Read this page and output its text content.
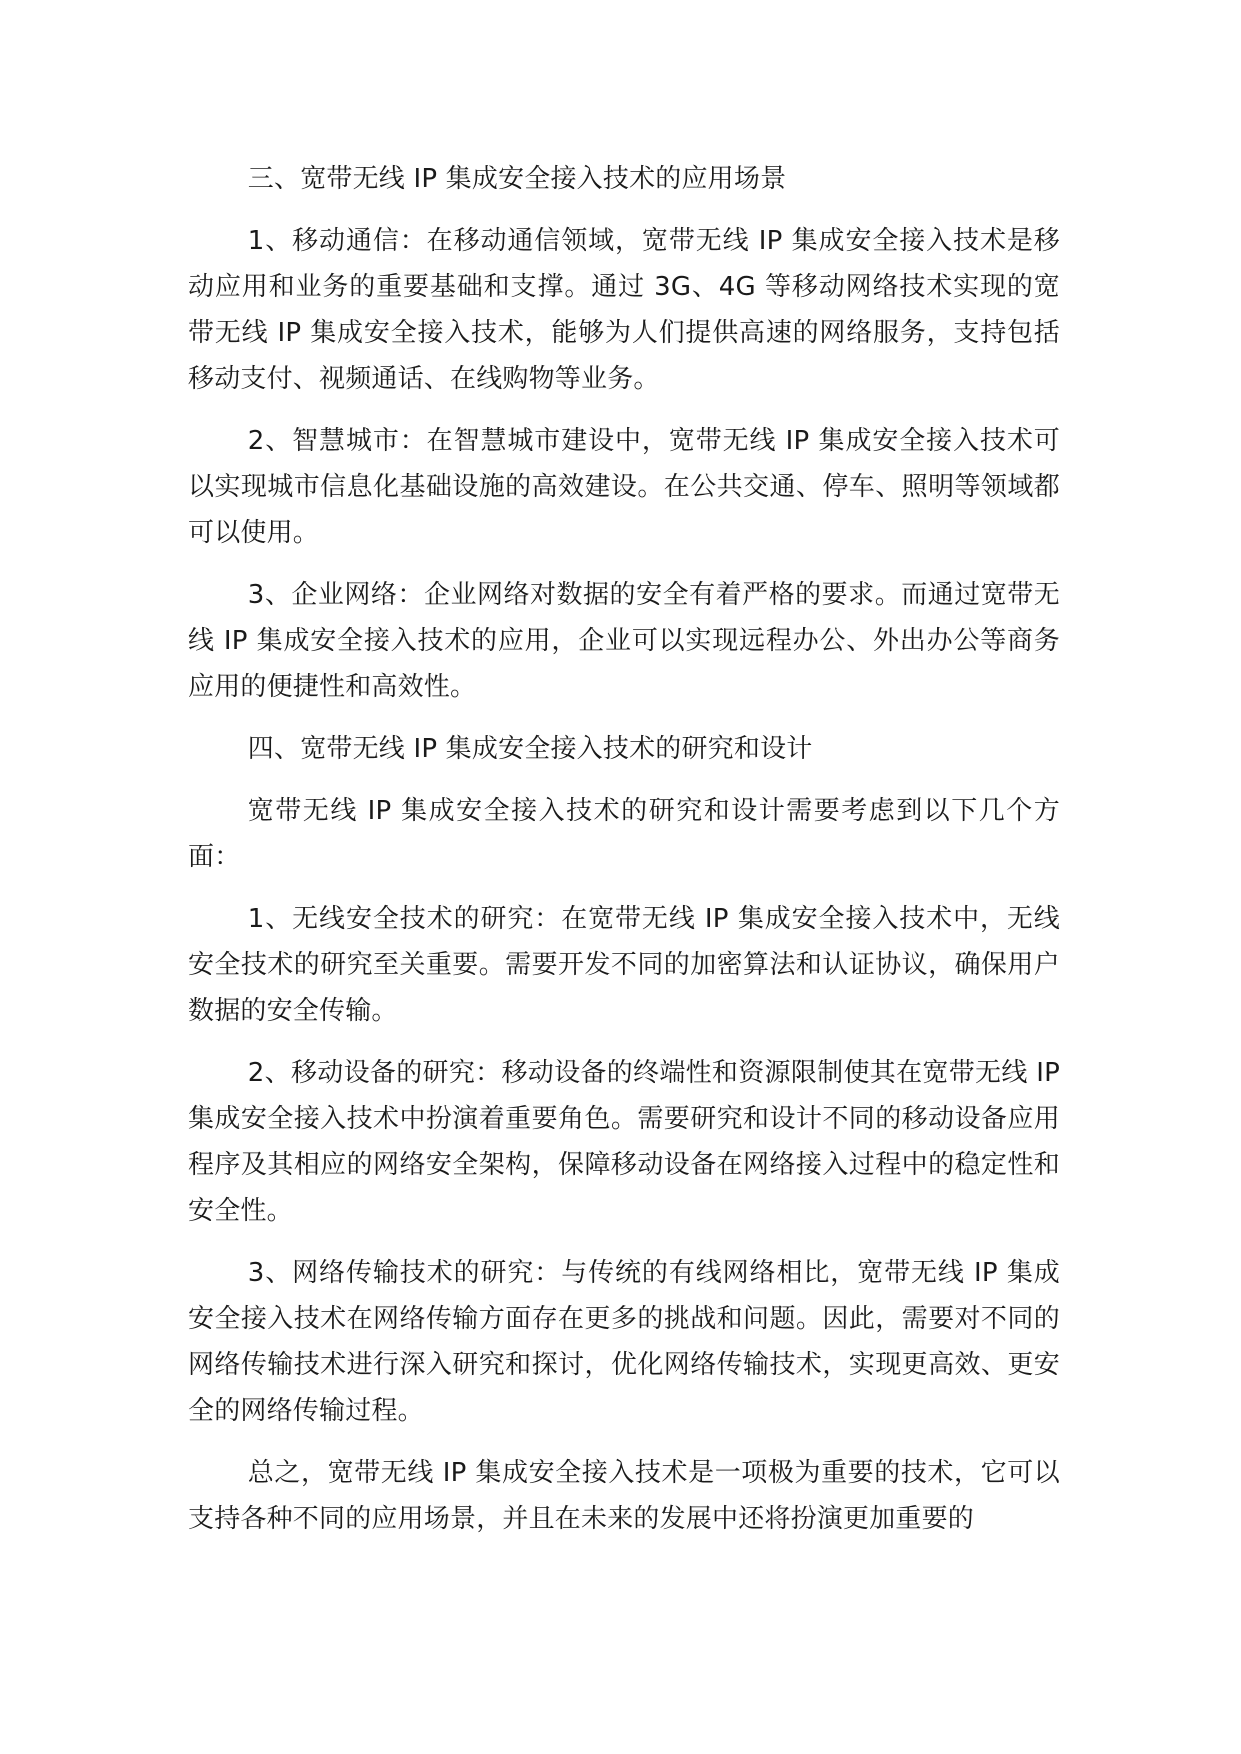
三、宽带无线 IP 集成安全接入技术的应用场景

1、移动通信：在移动通信领域，宽带无线 IP 集成安全接入技术是移动应用和业务的重要基础和支撑。通过 3G、4G 等移动网络技术实现的宽带无线 IP 集成安全接入技术，能够为人们提供高速的网络服务，支持包括移动支付、视频通话、在线购物等业务。

2、智慧城市：在智慧城市建设中，宽带无线 IP 集成安全接入技术可以实现城市信息化基础设施的高效建设。在公共交通、停车、照明等领域都可以使用。

3、企业网络：企业网络对数据的安全有着严格的要求。而通过宽带无线 IP 集成安全接入技术的应用，企业可以实现远程办公、外出办公等商务应用的便捷性和高效性。

四、宽带无线 IP 集成安全接入技术的研究和设计

宽带无线 IP 集成安全接入技术的研究和设计需要考虑到以下几个方面：

1、无线安全技术的研究：在宽带无线 IP 集成安全接入技术中，无线安全技术的研究至关重要。需要开发不同的加密算法和认证协议，确保用户数据的安全传输。

2、移动设备的研究：移动设备的终端性和资源限制使其在宽带无线 IP 集成安全接入技术中扮演着重要角色。需要研究和设计不同的移动设备应用程序及其相应的网络安全架构，保障移动设备在网络接入过程中的稳定性和安全性。

3、网络传输技术的研究：与传统的有线网络相比，宽带无线 IP 集成安全接入技术在网络传输方面存在更多的挑战和问题。因此，需要对不同的网络传输技术进行深入研究和探讨，优化网络传输技术，实现更高效、更安全的网络传输过程。

总之，宽带无线 IP 集成安全接入技术是一项极为重要的技术，它可以支持各种不同的应用场景，并且在未来的发展中还将扮演更加重要的
